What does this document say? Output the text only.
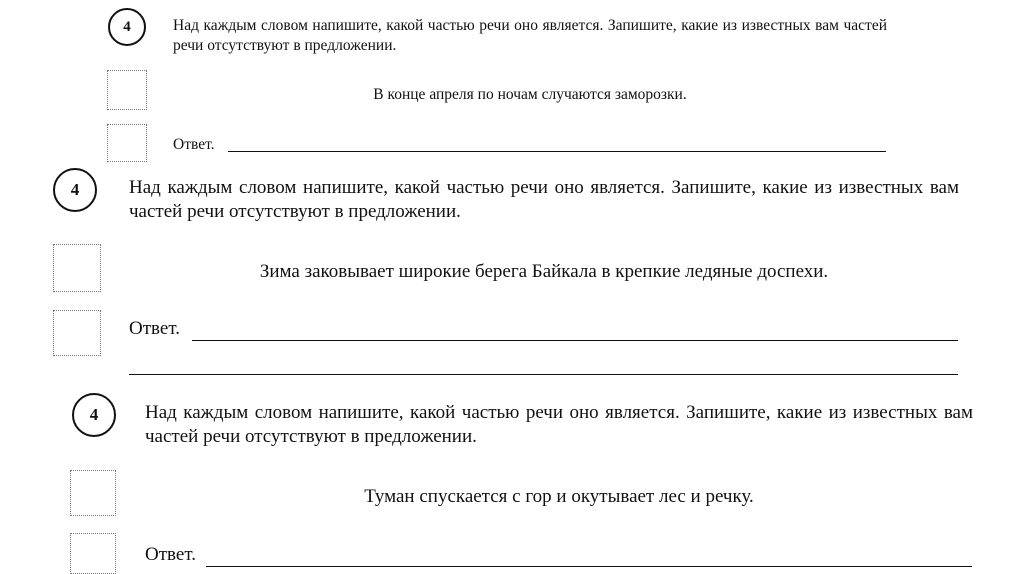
4	Над каждым словом напишите, какой частью речи оно является. Запишите, какие из известных вам частей речи отсутствуют в предложении.
В конце апреля по ночам случаются заморозки.
Ответ.
4	Над каждым словом напишите, какой частью речи оно является. Запишите, какие из известных вам частей речи отсутствуют в предложении.
Зима заковывает широкие берега Байкала в крепкие ледяные доспехи.
Ответ.
4 Над каждым словом напишите, какой частью речи оно является. Запишите, какие из известных вам частей речи отсутствуют в предложении.
Туман спускается с гор и окутывает лес и речку.
Ответ.
